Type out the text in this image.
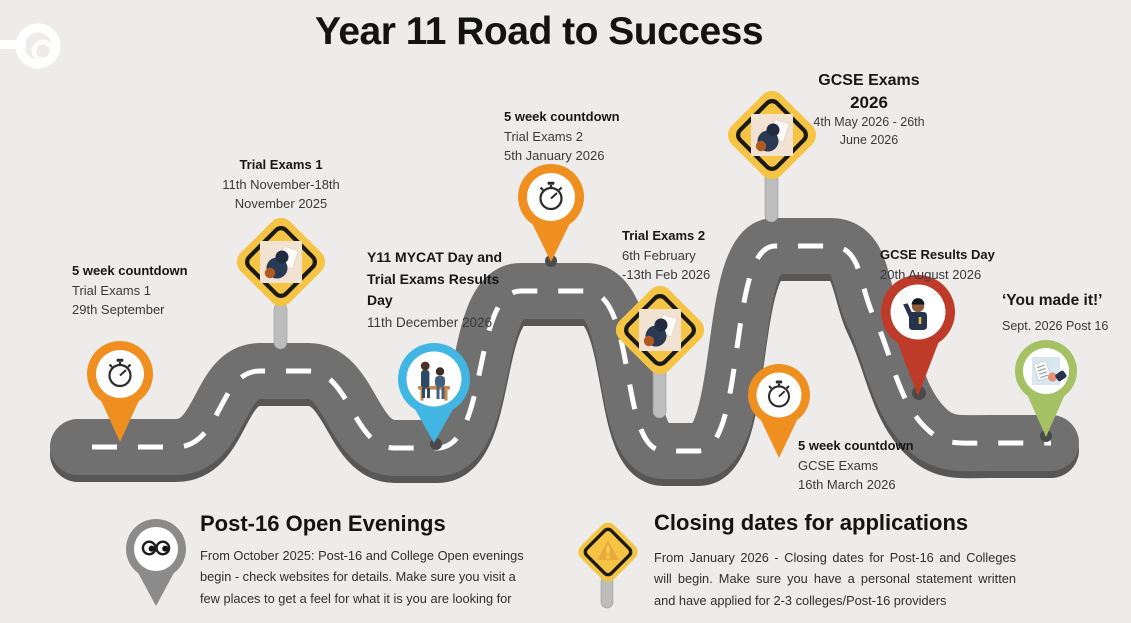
Year 11 Road to Success
5 week countdown
Trial Exams 1
29th September
Trial Exams 1
11th November-18th
November 2025
Y11 MYCAT Day and
Trial Exams Results
Day
11th December 2026
5 week countdown
Trial Exams 2
5th January 2026
Trial Exams 2
6th February
-13th Feb 2026
GCSE Exams
2026
4th May 2026 - 26th
June 2026
5 week countdown
GCSE Exams
16th March 2026
GCSE Results Day
20th August 2026
‘You made it!’
Sept. 2026 Post 16
Post-16 Open Evenings
From October 2025: Post-16 and College Open evenings begin - check websites for details. Make sure you visit a few places to get a feel for what it is you are looking for
Closing dates for applications
From January 2026 - Closing dates for Post-16 and Colleges will begin. Make sure you have a personal statement written and have applied for 2-3 colleges/Post-16 providers
